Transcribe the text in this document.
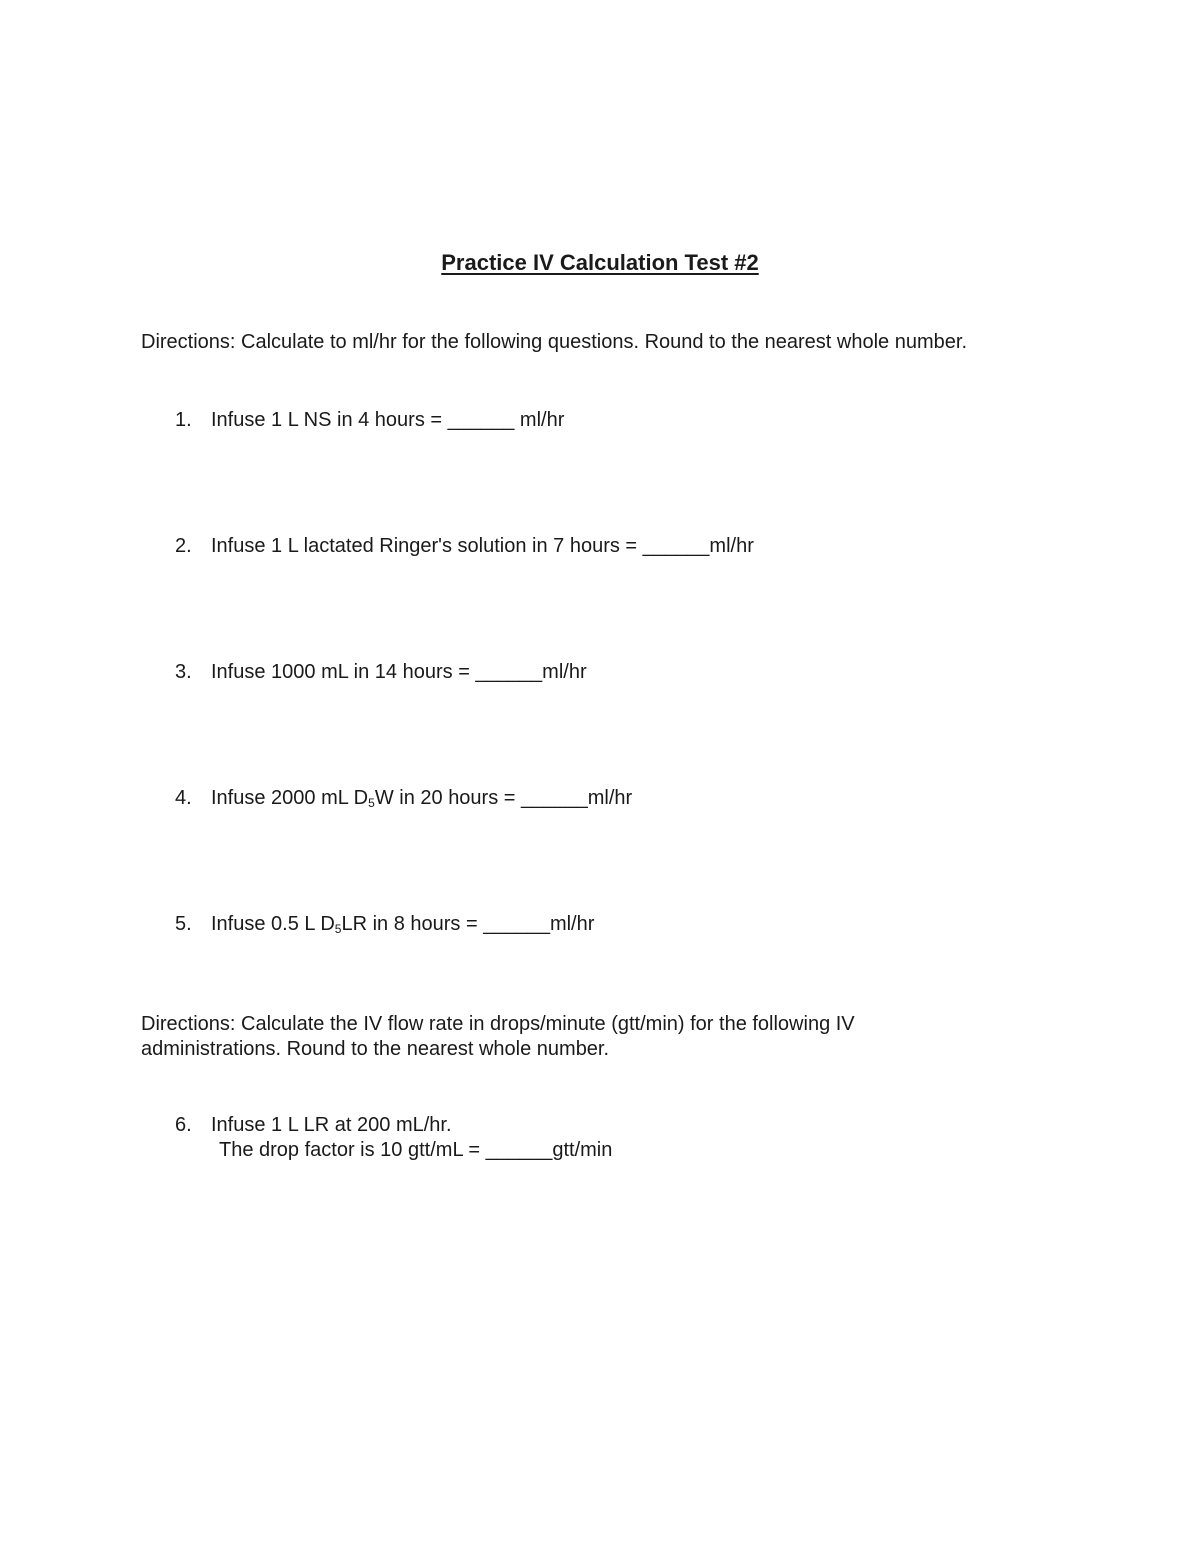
Practice IV Calculation Test #2
Directions: Calculate to ml/hr for the following questions. Round to the nearest whole number.
1. Infuse 1 L NS in 4 hours = ______ ml/hr
2. Infuse 1 L lactated Ringer's solution in 7 hours = ______ml/hr
3. Infuse 1000 mL in 14 hours = ______ml/hr
4. Infuse 2000 mL $D_5W$ in 20 hours = ______ml/hr
5. Infuse 0.5 L $D_5LR$ in 8 hours = ______ml/hr
Directions: Calculate the IV flow rate in drops/minute (gtt/min) for the following IV
administrations. Round to the nearest whole number.
6. Infuse 1 L LR at 200 mL/hr.
The drop factor is 10 gtt/mL = ______gtt/min
